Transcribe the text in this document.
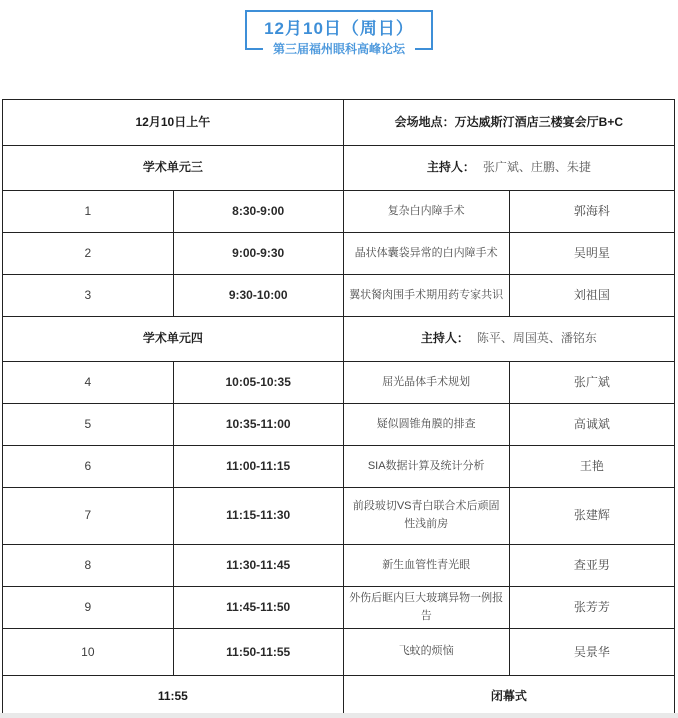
12月10日（周日）
第三届福州眼科高峰论坛
12月10日上午		会场地点：万达威斯汀酒店三楼宴会厅B+C	
学术单元三		主持人： 张广斌、庄鹏、朱捷	
1	8:30-9:00	复杂白内障手术	郭海科
2	9:00-9:30	晶状体囊袋异常的白内障手术	吴明星
3	9:30-10:00	翼状胬肉围手术期用药专家共识	刘祖国
学术单元四		主持人： 陈平、周国英、潘铭东	
4	10:05-10:35	屈光晶体手术规划	张广斌
5	10:35-11:00	疑似圆锥角膜的排查	高诚斌
6	11:00-11:15	SIA数据计算及统计分析	王艳
7	11:15-11:30	前段玻切VS青白联合术后顽固性浅前房	张建辉
8	11:30-11:45	新生血管性青光眼	查亚男
9	11:45-11:50	外伤后眶内巨大玻璃异物一例报告	张芳芳
10	11:50-11:55	飞蚊的烦恼	吴景华
11:55		闭幕式	
